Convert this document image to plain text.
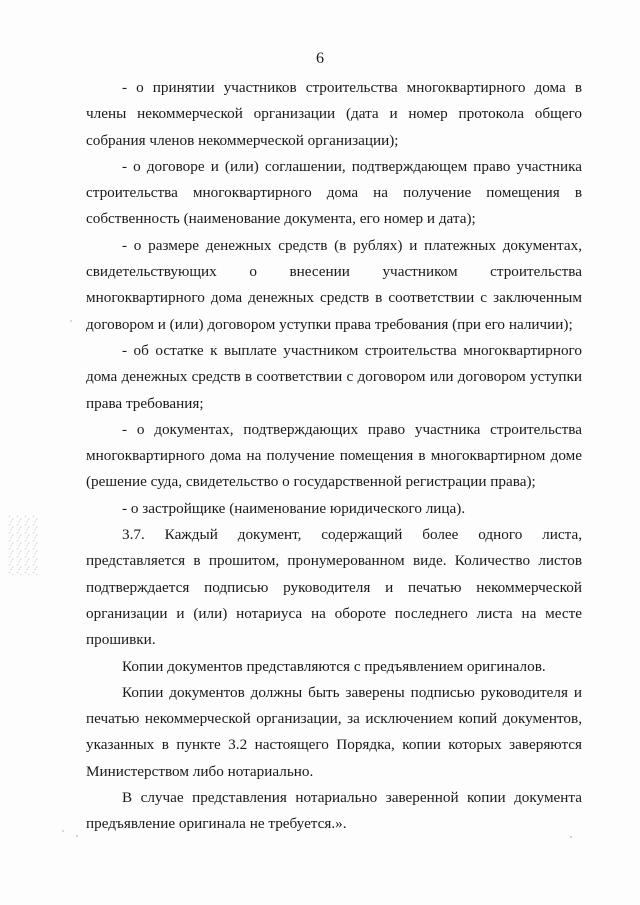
6

- о принятии участников строительства многоквартирного дома в члены некоммерческой организации (дата и номер протокола общего собрания членов некоммерческой организации);

- о договоре и (или) соглашении, подтверждающем право участника строительства многоквартирного дома на получение помещения в собственность (наименование документа, его номер и дата);

- о размере денежных средств (в рублях) и платежных документах, свидетельствующих о внесении участником строительства многоквартирного дома денежных средств в соответствии с заключенным договором и (или) договором уступки права требования (при его наличии);

- об остатке к выплате участником строительства многоквартирного дома денежных средств в соответствии с договором или договором уступки права требования;

- о документах, подтверждающих право участника строительства многоквартирного дома на получение помещения в многоквартирном доме (решение суда, свидетельство о государственной регистрации права);

- о застройщике (наименование юридического лица).

3.7. Каждый документ, содержащий более одного листа, представляется в прошитом, пронумерованном виде. Количество листов подтверждается подписью руководителя и печатью некоммерческой организации и (или) нотариуса на обороте последнего листа на месте прошивки.

Копии документов представляются с предъявлением оригиналов.

Копии документов должны быть заверены подписью руководителя и печатью некоммерческой организации, за исключением копий документов, указанных в пункте 3.2 настоящего Порядка, копии которых заверяются Министерством либо нотариально.

В случае представления нотариально заверенной копии документа предъявление оригинала не требуется.».
